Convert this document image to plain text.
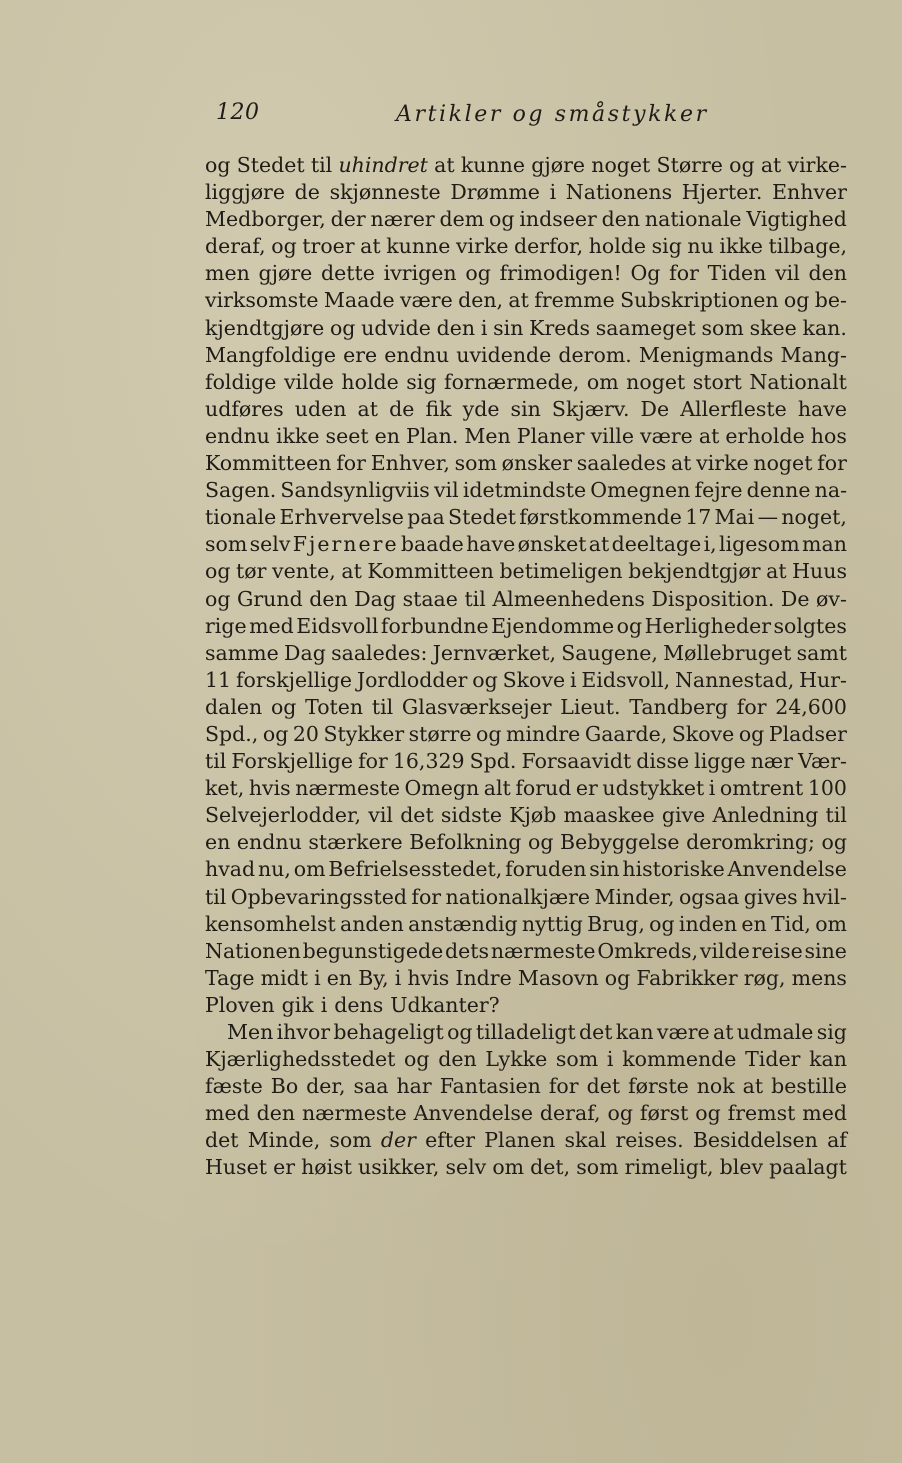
120	Artikler og småstykker
og Stedet til uhindret at kunne gjøre noget Større og at virke-
liggjøre de skjønneste Drømme i Nationens Hjerter. Enhver
Medborger, der nærer dem og indseer den nationale Vigtighed
deraf, og troer at kunne virke derfor, holde sig nu ikke tilbage,
men gjøre dette ivrigen og frimodigen! Og for Tiden vil den
virksomste Maade være den, at fremme Subskriptionen og be-
kjendtgjøre og udvide den i sin Kreds saameget som skee kan.
Mangfoldige ere endnu uvidende derom. Menigmands Mang-
foldige vilde holde sig fornærmede, om noget stort Nationalt
udføres uden at de fik yde sin Skjærv. De Allerfleste have
endnu ikke seet en Plan. Men Planer ville være at erholde hos
Kommitteen for Enhver, som ønsker saaledes at virke noget for
Sagen. Sandsynligviis vil idetmindste Omegnen fejre denne na-
tionale Erhvervelse paa Stedet førstkommende 17 Mai — noget,
som selv Fjernere baade have ønsket at deeltage i, ligesom man
og tør vente, at Kommitteen betimeligen bekjendtgjør at Huus
og Grund den Dag staae til Almeenhedens Disposition. De øv-
rige med Eidsvoll forbundne Ejendomme og Herligheder solgtes
samme Dag saaledes: Jernværket, Saugene, Møllebruget samt
11 forskjellige Jordlodder og Skove i Eidsvoll, Nannestad, Hur-
dalen og Toten til Glasværksejer Lieut. Tandberg for 24,600
Spd., og 20 Stykker større og mindre Gaarde, Skove og Pladser
til Forskjellige for 16,329 Spd. Forsaavidt disse ligge nær Vær-
ket, hvis nærmeste Omegn alt forud er udstykket i omtrent 100
Selvejerlodder, vil det sidste Kjøb maaskee give Anledning til
en endnu stærkere Befolkning og Bebyggelse deromkring; og
hvad nu, om Befrielsesstedet, foruden sin historiske Anvendelse
til Opbevaringssted for nationalkjære Minder, ogsaa gives hvil-
kensomhelst anden anstændig nyttig Brug, og inden en Tid, om
Nationen begunstigede dets nærmeste Omkreds, vilde reise sine
Tage midt i en By, i hvis Indre Masovn og Fabrikker røg, mens
Ploven gik i dens Udkanter?
Men ihvor behageligt og tilladeligt det kan være at udmale sig
Kjærlighedsstedet og den Lykke som i kommende Tider kan
fæste Bo der, saa har Fantasien for det første nok at bestille
med den nærmeste Anvendelse deraf, og først og fremst med
det Minde, som der efter Planen skal reises. Besiddelsen af
Huset er høist usikker, selv om det, som rimeligt, blev paalagt
